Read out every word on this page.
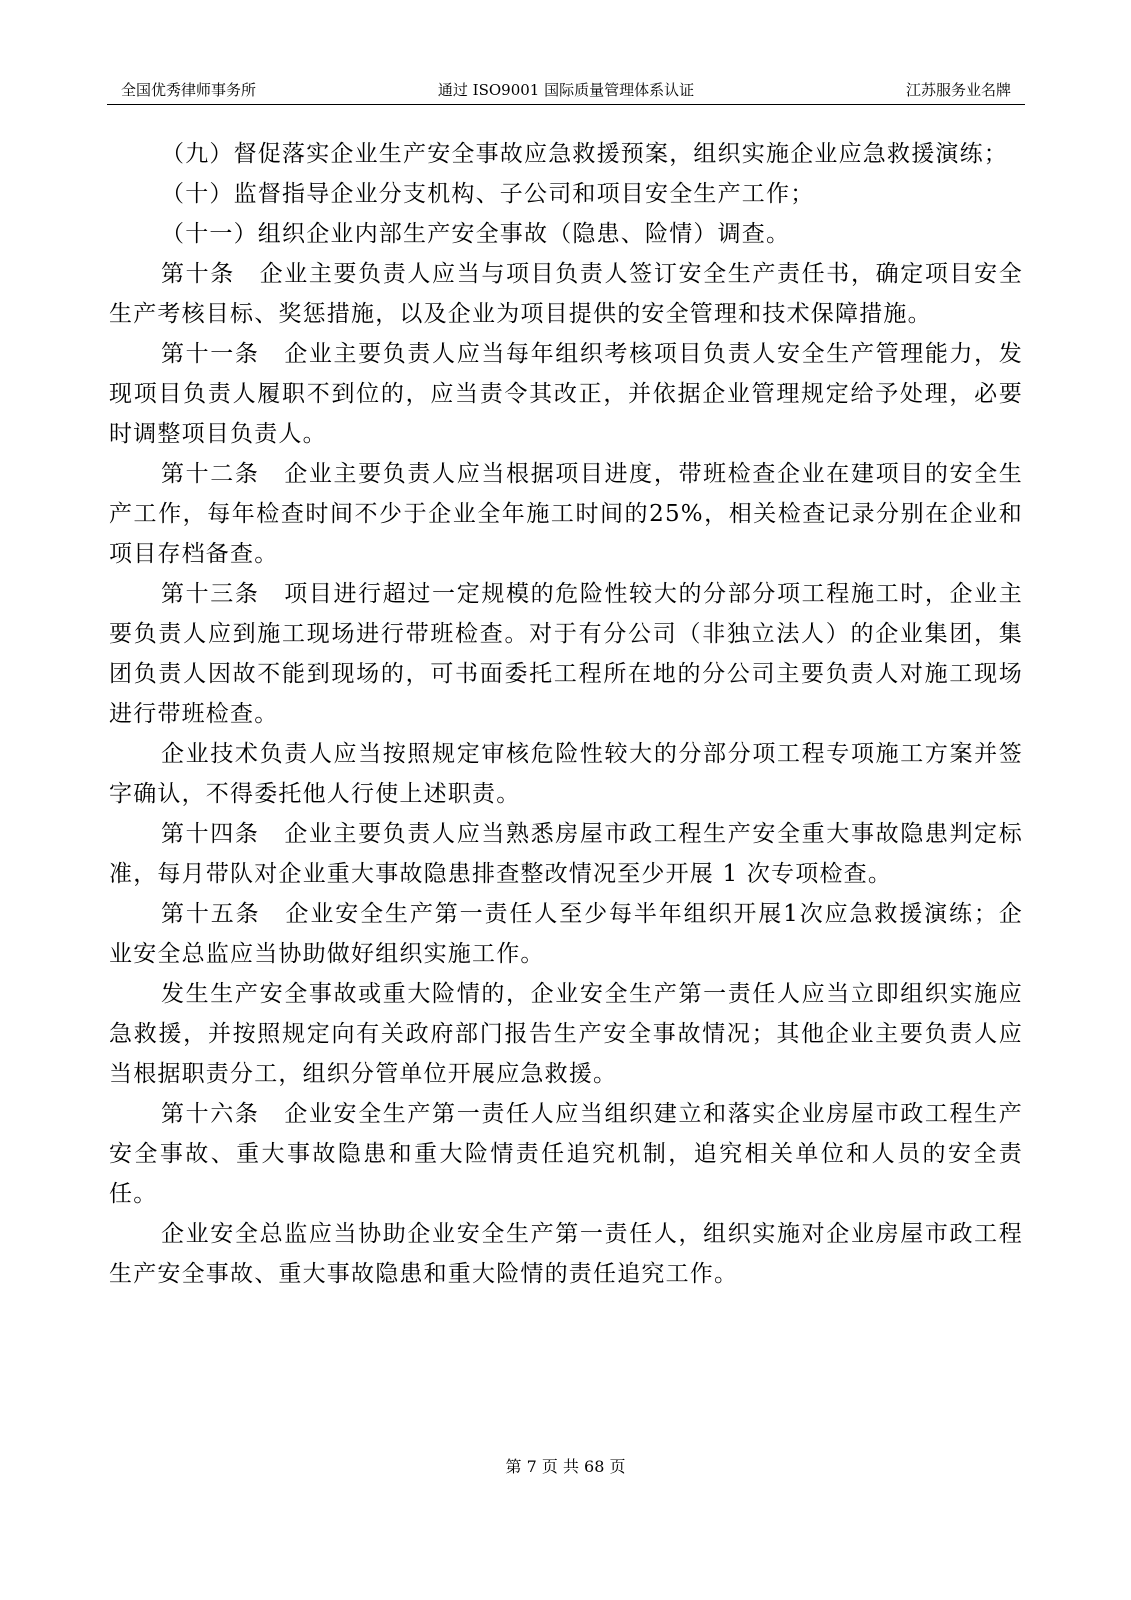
全国优秀律师事务所	通过 ISO9001 国际质量管理体系认证	江苏服务业名牌

（九）督促落实企业生产安全事故应急救援预案，组织实施企业应急救援演练；

（十）监督指导企业分支机构、子公司和项目安全生产工作；

（十一）组织企业内部生产安全事故（隐患、险情）调查。

第十条　企业主要负责人应当与项目负责人签订安全生产责任书，确定项目安全生产考核目标、奖惩措施，以及企业为项目提供的安全管理和技术保障措施。

第十一条　企业主要负责人应当每年组织考核项目负责人安全生产管理能力，发现项目负责人履职不到位的，应当责令其改正，并依据企业管理规定给予处理，必要时调整项目负责人。

第十二条　企业主要负责人应当根据项目进度，带班检查企业在建项目的安全生产工作，每年检查时间不少于企业全年施工时间的25%，相关检查记录分别在企业和项目存档备查。

第十三条　项目进行超过一定规模的危险性较大的分部分项工程施工时，企业主要负责人应到施工现场进行带班检查。对于有分公司（非独立法人）的企业集团，集团负责人因故不能到现场的，可书面委托工程所在地的分公司主要负责人对施工现场进行带班检查。

企业技术负责人应当按照规定审核危险性较大的分部分项工程专项施工方案并签字确认，不得委托他人行使上述职责。

第十四条　企业主要负责人应当熟悉房屋市政工程生产安全重大事故隐患判定标准，每月带队对企业重大事故隐患排查整改情况至少开展 1 次专项检查。

第十五条　企业安全生产第一责任人至少每半年组织开展1次应急救援演练；企业安全总监应当协助做好组织实施工作。

发生生产安全事故或重大险情的，企业安全生产第一责任人应当立即组织实施应急救援，并按照规定向有关政府部门报告生产安全事故情况；其他企业主要负责人应当根据职责分工，组织分管单位开展应急救援。

第十六条　企业安全生产第一责任人应当组织建立和落实企业房屋市政工程生产安全事故、重大事故隐患和重大险情责任追究机制，追究相关单位和人员的安全责任。

企业安全总监应当协助企业安全生产第一责任人，组织实施对企业房屋市政工程生产安全事故、重大事故隐患和重大险情的责任追究工作。

第 7 页 共 68 页
